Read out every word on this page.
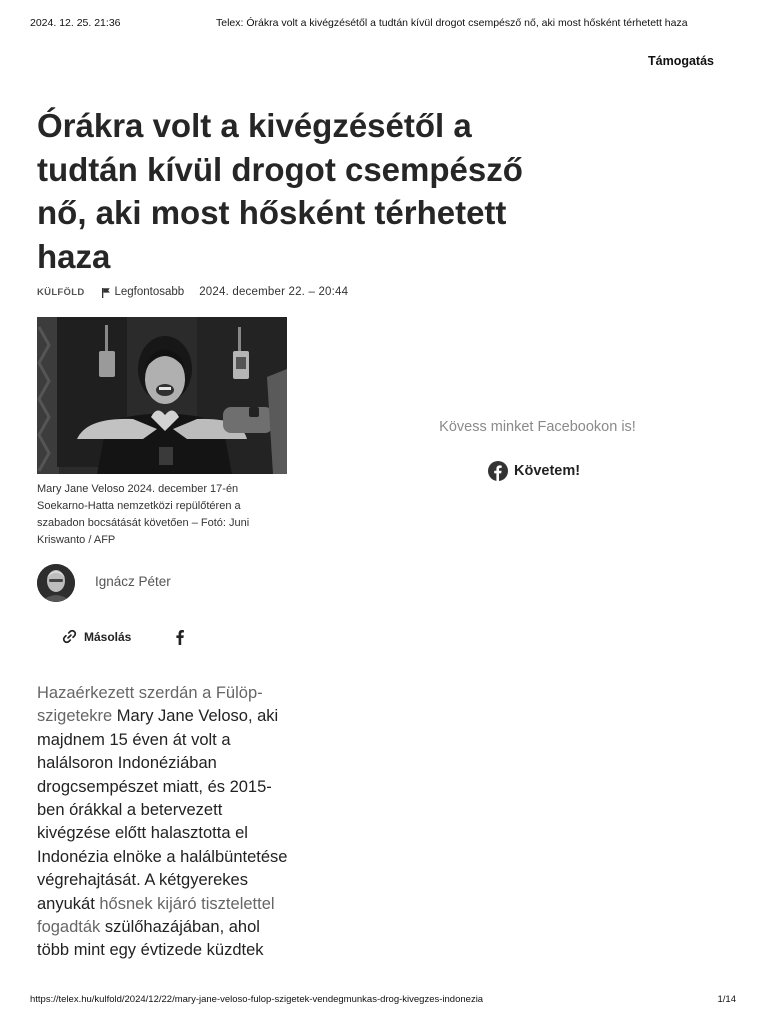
2024. 12. 25. 21:36	Telex: Órákra volt a kivégzésétől a tudtán kívül drogot csempésző nő, aki most hősként térhetett haza
Támogatás
Órákra volt a kivégzésétől a tudtán kívül drogot csempésző nő, aki most hősként térhetett haza
KÜLFÖLD	Legfontosabb 2024. december 22. – 20:44

Mary Jane Veloso 2024. december 17-én Soekarno-Hatta nemzetközi repülőtéren a szabadon bocsátását követően – Fotó: Juni Kriswanto / AFP

Ignácz Péter
Másolás
Kövess minket Facebookon is!
Követem!

Hazaérkezett szerdán a Fülöp-szigetekre Mary Jane Veloso, aki majdnem 15 éven át volt a halálsoron Indonéziában drogcsempészet miatt, és 2015-ben órákkal a betervezett kivégzése előtt halasztotta el Indonézia elnöke a halálbüntetése végrehajtását. A kétgyerekes anyukát hősnek kijáró tisztelettel fogadták szülőhazájában, ahol több mint egy évtizede küzdtek

https://telex.hu/kulfold/2024/12/22/mary-jane-veloso-fulop-szigetek-vendegmunkas-drog-kivegzes-indonezia	1/14
